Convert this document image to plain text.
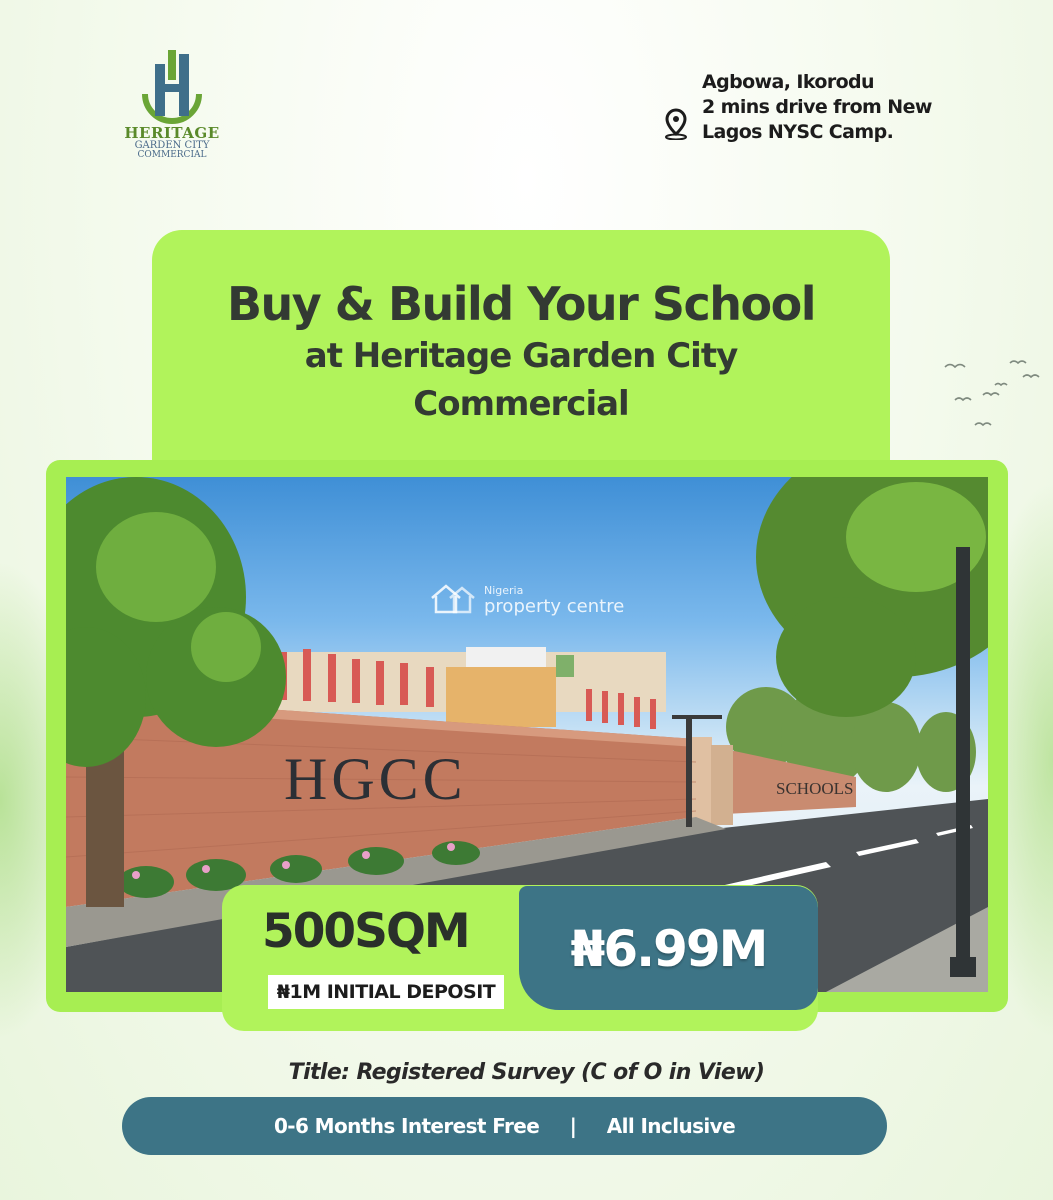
HERITAGE
GARDEN CITY
COMMERCIAL
Agbowa, Ikorodu
2 mins drive from New
Lagos NYSC Camp.
Buy & Build Your School
at Heritage Garden City
Commercial
HGCC	SCHOOLS
Nigeria
property centre
500SQM
₦1M INITIAL DEPOSIT
₦6.99M
Title: Registered Survey (C of O in View)
0-6 Months Interest Free | All Inclusive
